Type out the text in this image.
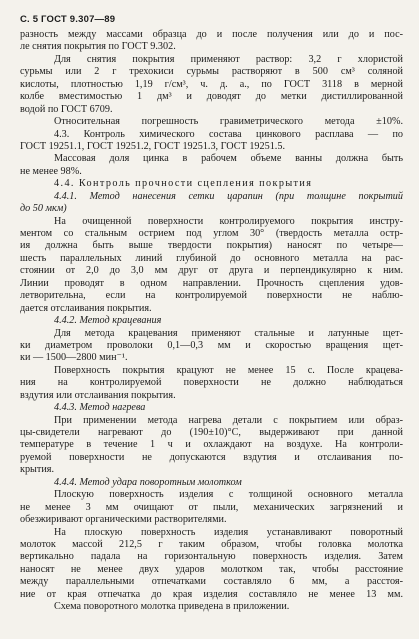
С. 5 ГОСТ 9.307—89
разность между массами образца до и после получения или до и пос-
ле снятия покрытия по ГОСТ 9.302.
Для снятия покрытия применяют раствор: 3,2 г хлористой
сурьмы или 2 г трехокиси сурьмы растворяют в 500 см³ соляной
кислоты, плотностью 1,19 г/см³, ч. д. а., по ГОСТ 3118 в мерной
колбе вместимостью 1 дм³ и доводят до метки дистиллированной
водой по ГОСТ 6709.
Относительная погрешность гравиметрического метода ±10%.
4.3. Контроль химического состава цинкового расплава — по
ГОСТ 19251.1, ГОСТ 19251.2, ГОСТ 19251.3, ГОСТ 19251.5.
Массовая доля цинка в рабочем объеме ванны должна быть
не менее 98%.
4.4. Контроль прочности сцепления покрытия
4.4.1. Метод нанесения сетки царапин (при толщине покрытий
до 50 мкм)
На очищенной поверхности контролируемого покрытия инстру-
ментом со стальным острием под углом 30° (твердость металла остр-
ия должна быть выше твердости покрытия) наносят по четыре—
шесть параллельных линий глубиной до основного металла на рас-
стоянии от 2,0 до 3,0 мм друг от друга и перпендикулярно к ним.
Линии проводят в одном направлении. Прочность сцепления удов-
летворительна, если на контролируемой поверхности не наблю-
дается отслаивания покрытия.
4.4.2. Метод крацевания
Для метода крацевания применяют стальные и латунные щет-
ки диаметром проволоки 0,1—0,3 мм и скоростью вращения щет-
ки — 1500—2800 мин⁻¹.
Поверхность покрытия крацуют не менее 15 с. После крацева-
ния на контролируемой поверхности не должно наблюдаться
вздутия или отслаивания покрытия.
4.4.3. Метод нагрева
При применении метода нагрева детали с покрытием или образ-
цы-свидетели нагревают до (190±10)°С, выдерживают при данной
температуре в течение 1 ч и охлаждают на воздухе. На контроли-
руемой поверхности не допускаются вздутия и отслаивания по-
крытия.
4.4.4. Метод удара поворотным молотком
Плоскую поверхность изделия с толщиной основного металла
не менее 3 мм очищают от пыли, механических загрязнений и
обезжиривают органическими растворителями.
На плоскую поверхность изделия устанавливают поворотный
молоток массой 212,5 г таким образом, чтобы головка молотка
вертикально падала на горизонтальную поверхность изделия. Затем
наносят не менее двух ударов молотком так, чтобы расстояние
между параллельными отпечатками составляло 6 мм, а расстоя-
ние от края отпечатка до края изделия составляло не менее 13 мм.
Схема поворотного молотка приведена в приложении.
